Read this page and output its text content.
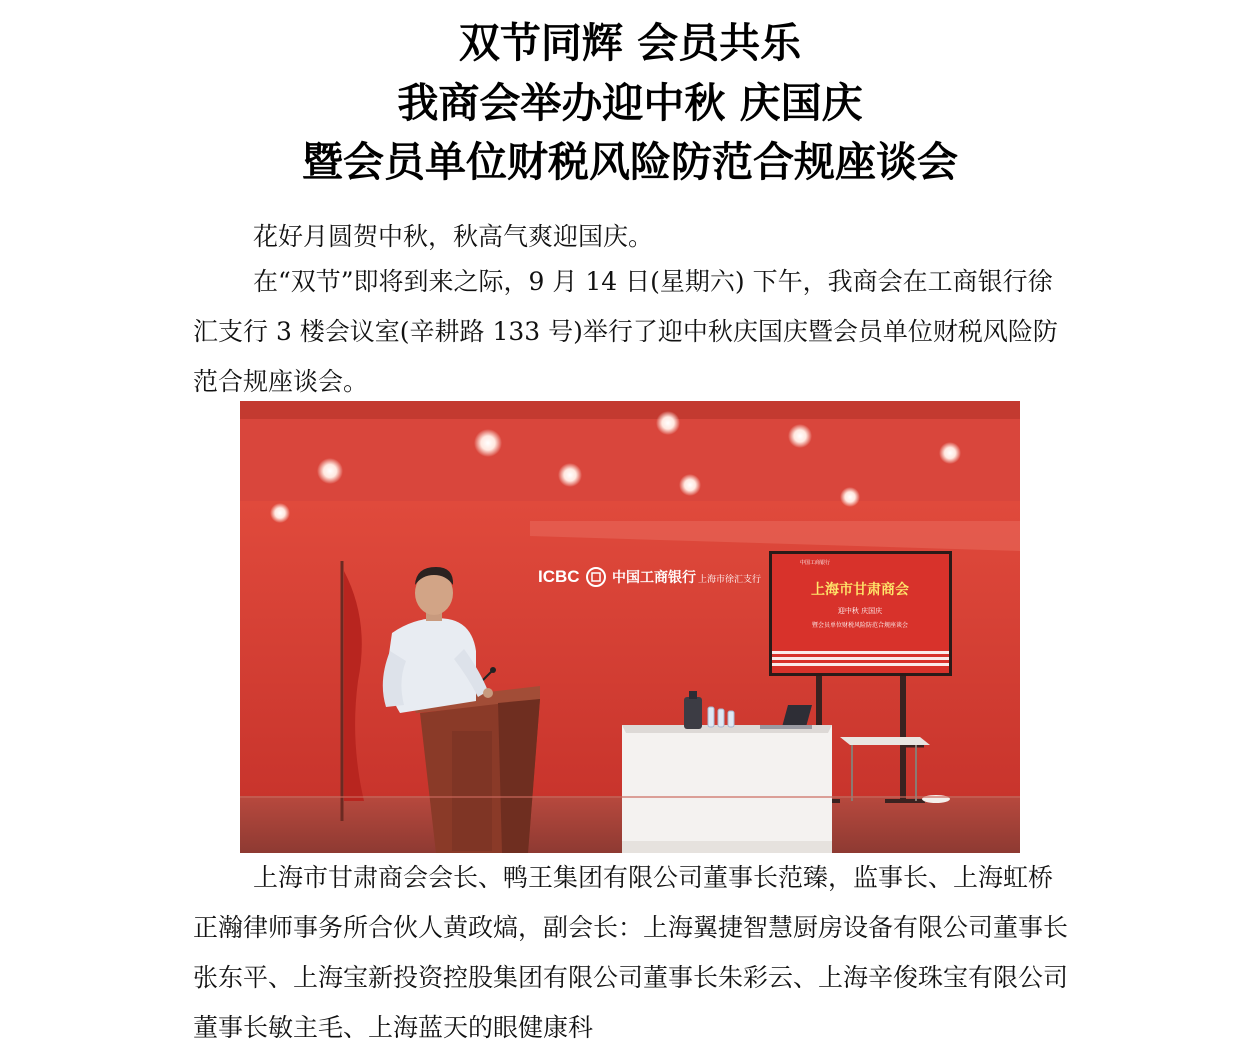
双节同辉 会员共乐
我商会举办迎中秋 庆国庆
暨会员单位财税风险防范合规座谈会
花好月圆贺中秋，秋高气爽迎国庆。
在“双节”即将到来之际，9 月 14 日(星期六) 下午，我商会在工商银行徐汇支行 3 楼会议室(辛耕路 133 号)举行了迎中秋庆国庆暨会员单位财税风险防范合规座谈会。
ICBC 中国工商银行 上海市徐汇支行
中国工商银行
上海市甘肃商会
迎中秋 庆国庆
暨会员单位财税风险防范合规座谈会
上海市甘肃商会会长、鸭王集团有限公司董事长范臻，监事长、上海虹桥正瀚律师事务所合伙人黄政熇，副会长：上海翼捷智慧厨房设备有限公司董事长张东平、上海宝新投资控股集团有限公司董事长朱彩云、上海辛俊珠宝有限公司董事长敏主毛、上海蓝天的眼健康科
